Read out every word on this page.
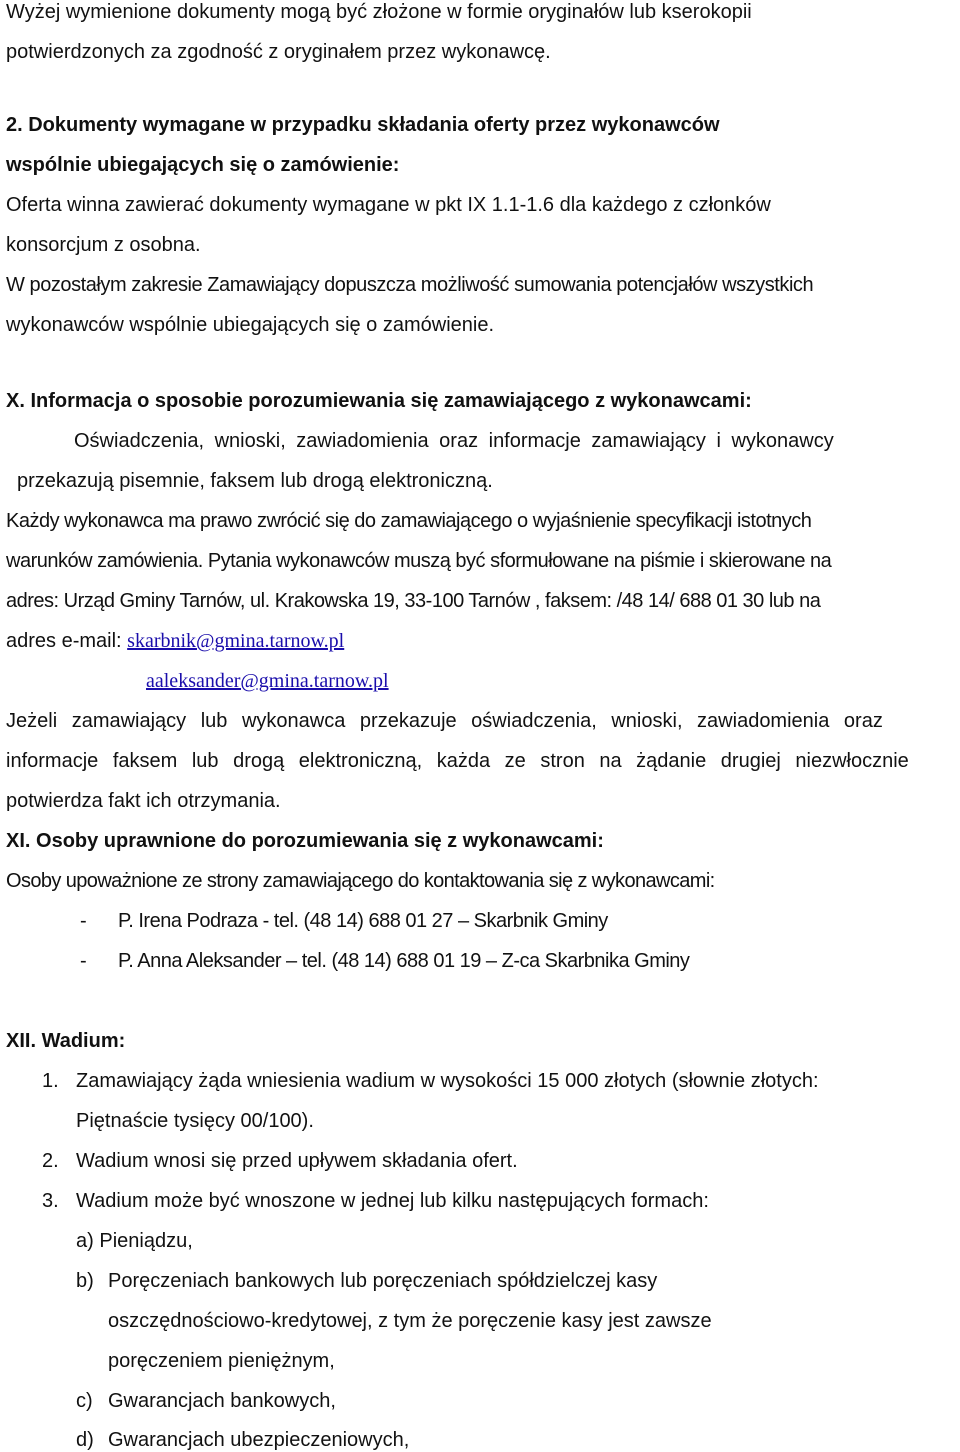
Wyżej wymienione dokumenty mogą być złożone w formie oryginałów lub kserokopii
potwierdzonych za zgodność z oryginałem przez wykonawcę.
2. Dokumenty wymagane w przypadku składania oferty przez wykonawców
wspólnie ubiegających się o zamówienie:
Oferta winna zawierać dokumenty wymagane w pkt IX 1.1-1.6 dla każdego z członków
konsorcjum z osobna.
W pozostałym zakresie Zamawiający dopuszcza możliwość sumowania potencjałów wszystkich
wykonawców wspólnie ubiegających się o zamówienie.
X. Informacja o sposobie porozumiewania się zamawiającego z wykonawcami:
Oświadczenia, wnioski, zawiadomienia oraz informacje zamawiający i wykonawcy
przekazują pisemnie, faksem lub drogą elektroniczną.
Każdy wykonawca ma prawo zwrócić się do zamawiającego o wyjaśnienie specyfikacji istotnych
warunków zamówienia. Pytania wykonawców muszą być sformułowane na piśmie i skierowane na
adres: Urząd Gminy Tarnów, ul. Krakowska 19, 33-100 Tarnów , faksem: /48 14/ 688 01 30 lub na
adres e-mail: skarbnik@gmina.tarnow.pl
aaleksander@gmina.tarnow.pl
Jeżeli zamawiający lub wykonawca przekazuje oświadczenia, wnioski, zawiadomienia oraz
informacje faksem lub drogą elektroniczną, każda ze stron na żądanie drugiej niezwłocznie
potwierdza fakt ich otrzymania.
XI. Osoby uprawnione do porozumiewania się z wykonawcami:
Osoby upoważnione ze strony zamawiającego do kontaktowania się z wykonawcami:
- P. Irena Podraza - tel. (48 14) 688 01 27 – Skarbnik Gminy
- P. Anna Aleksander – tel. (48 14) 688 01 19 – Z-ca Skarbnika Gminy
XII. Wadium:
1. Zamawiający żąda wniesienia wadium w wysokości 15 000 złotych (słownie złotych:
Piętnaście tysięcy 00/100).
2. Wadium wnosi się przed upływem składania ofert.
3. Wadium może być wnoszone w jednej lub kilku następujących formach:
a) Pieniądzu,
b) Poręczeniach bankowych lub poręczeniach spółdzielczej kasy
oszczędnościowo-kredytowej, z tym że poręczenie kasy jest zawsze
poręczeniem pieniężnym,
c) Gwarancjach bankowych,
d) Gwarancjach ubezpieczeniowych,
